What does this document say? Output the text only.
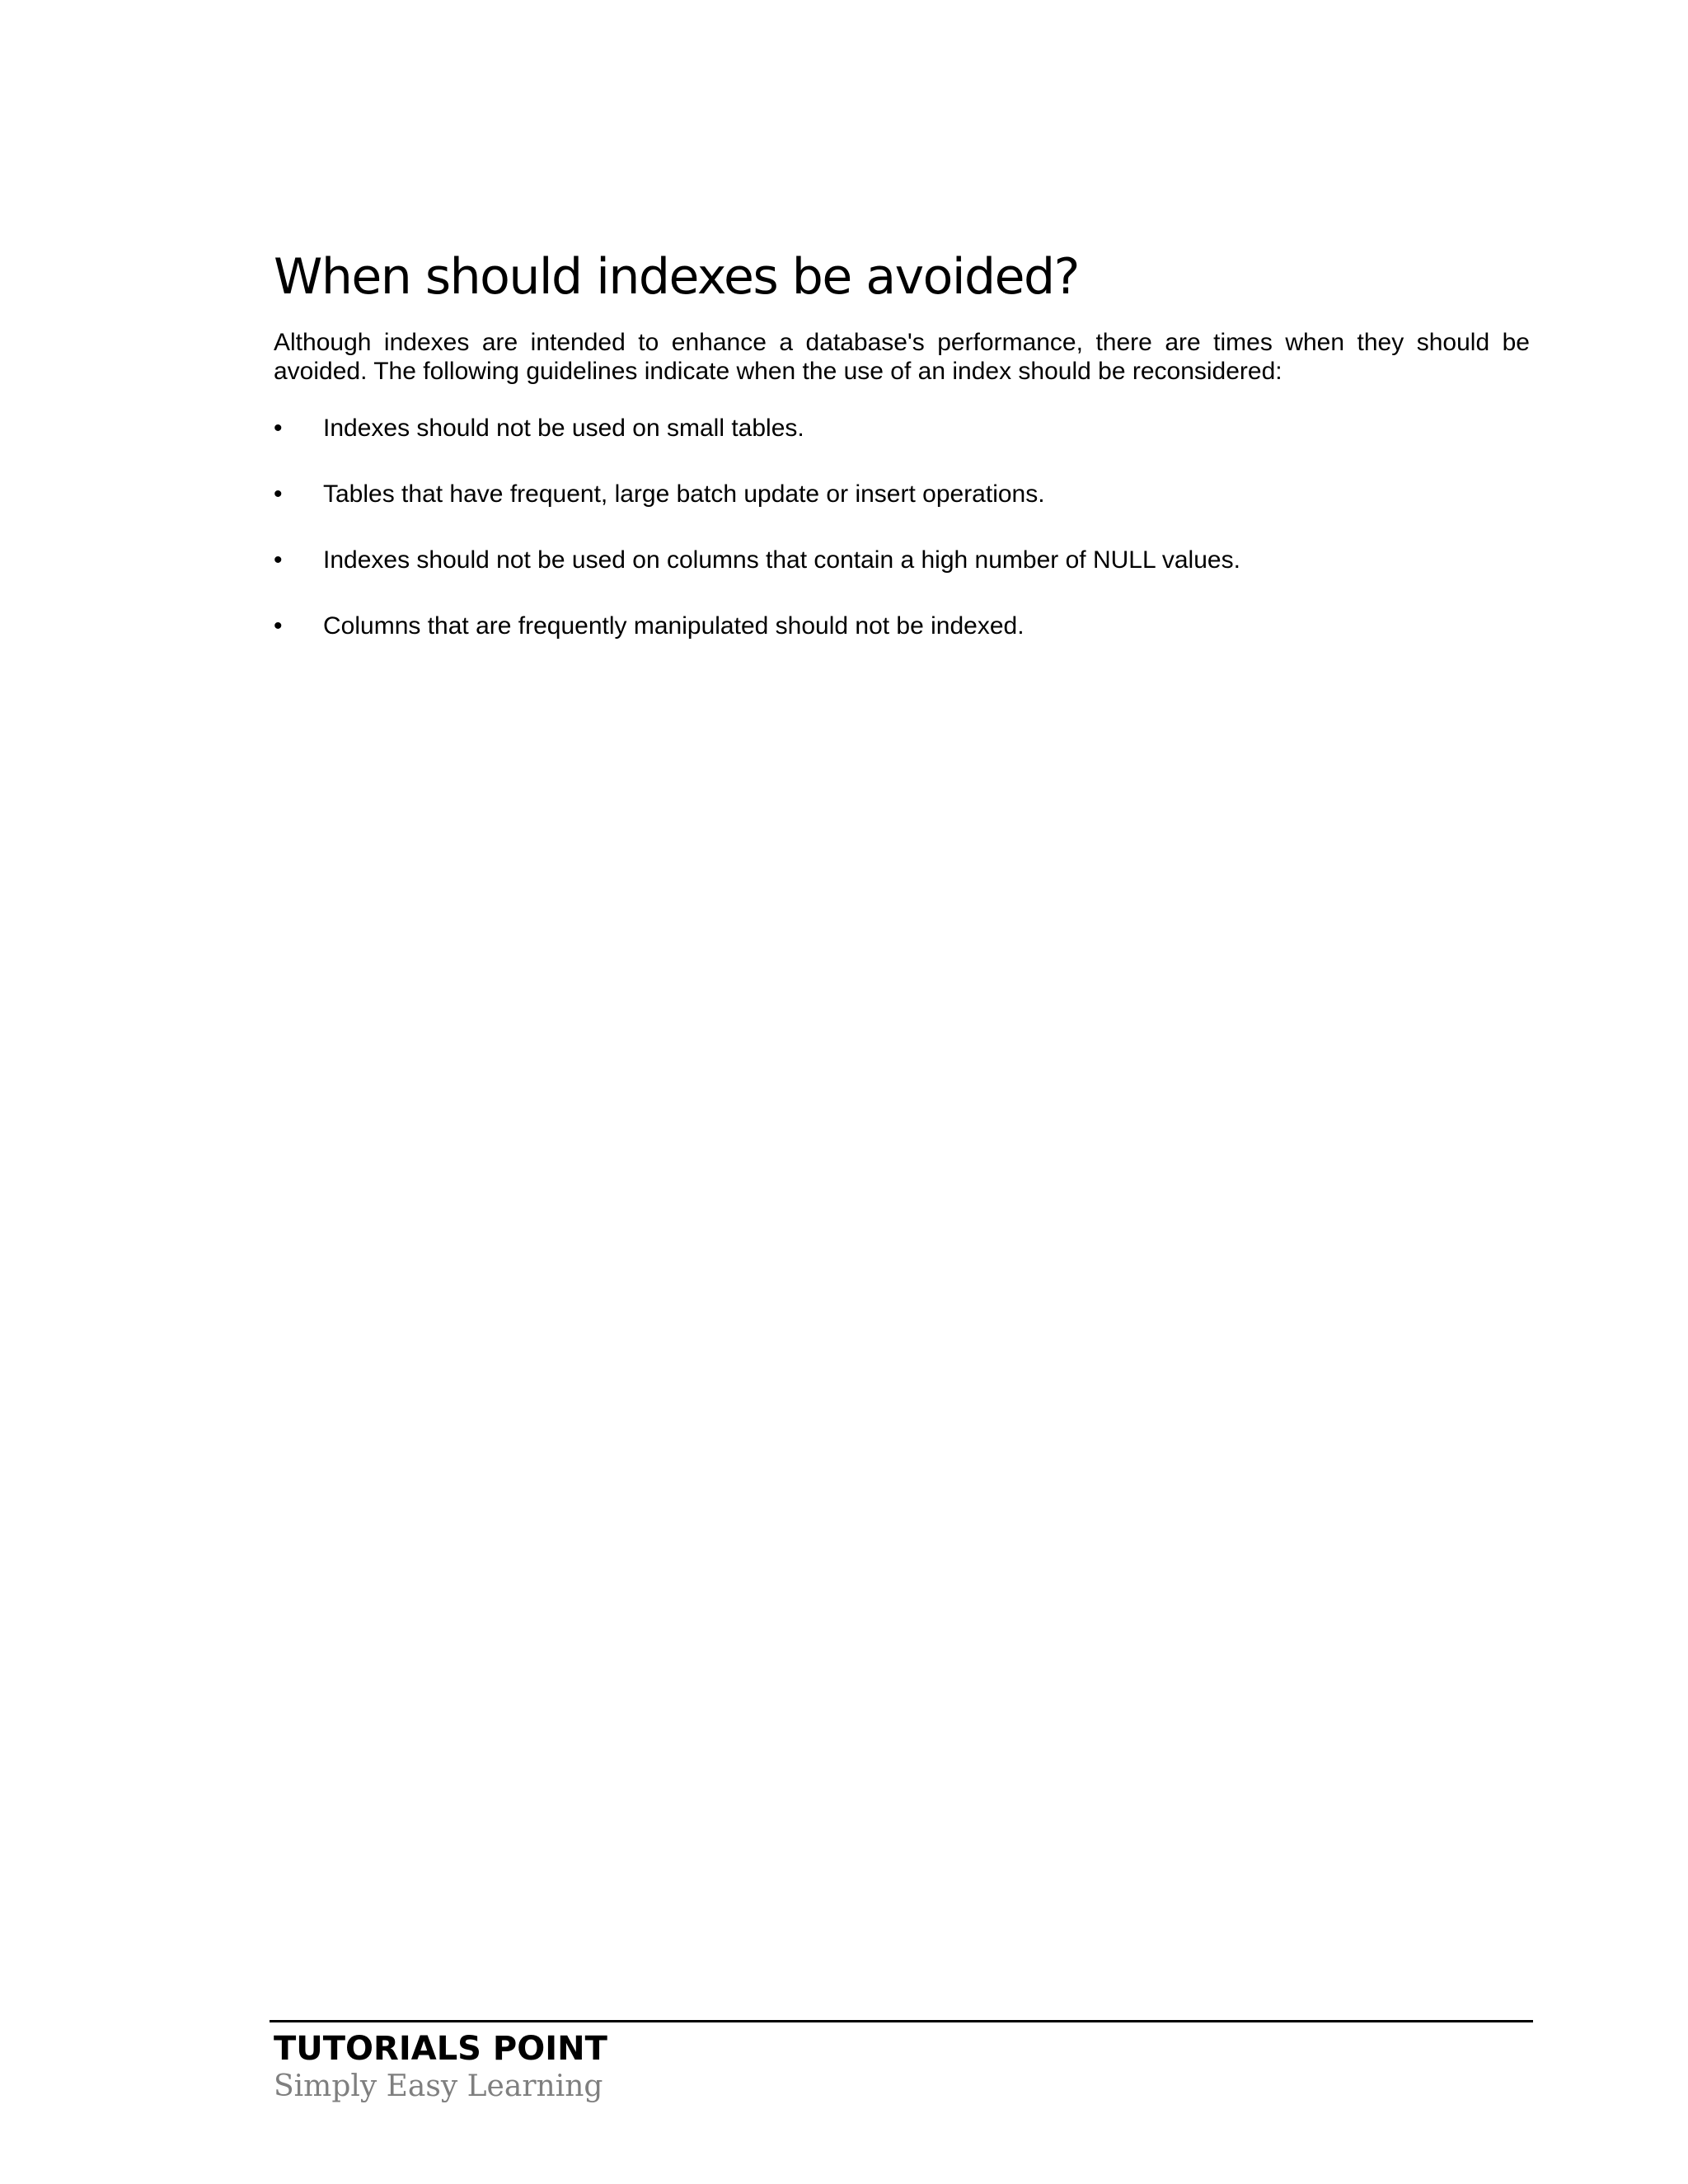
When should indexes be avoided?

Although indexes are intended to enhance a database's performance, there are times when they should be avoided. The following guidelines indicate when the use of an index should be reconsidered:

• Indexes should not be used on small tables.
• Tables that have frequent, large batch update or insert operations.
• Indexes should not be used on columns that contain a high number of NULL values.
• Columns that are frequently manipulated should not be indexed.
TUTORIALS POINT
Simply Easy Learning
